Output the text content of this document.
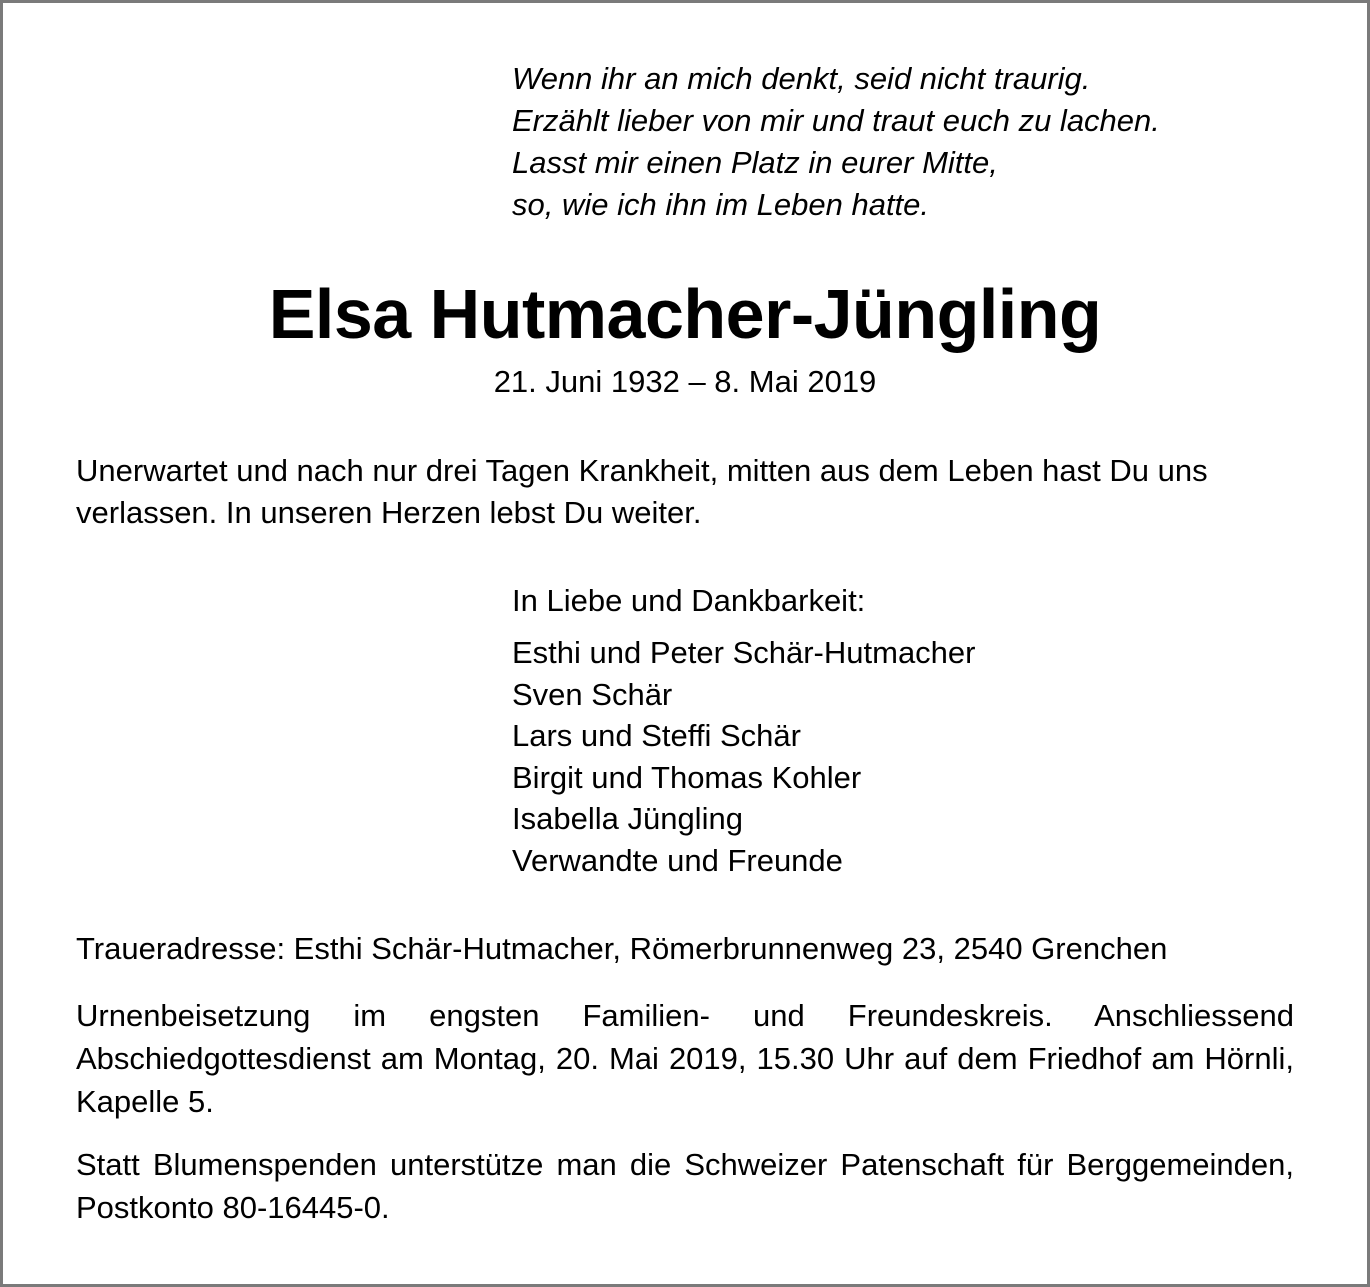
Wenn ihr an mich denkt, seid nicht traurig.
Erzählt lieber von mir und traut euch zu lachen.
Lasst mir einen Platz in eurer Mitte,
so, wie ich ihn im Leben hatte.
Elsa Hutmacher-Jüngling
21. Juni 1932 – 8. Mai 2019
Unerwartet und nach nur drei Tagen Krankheit, mitten aus dem Leben hast Du uns verlassen. In unseren Herzen lebst Du weiter.
In Liebe und Dankbarkeit:
Esthi und Peter Schär-Hutmacher
Sven Schär
Lars und Steffi Schär
Birgit und Thomas Kohler
Isabella Jüngling
Verwandte und Freunde
Traueradresse: Esthi Schär-Hutmacher, Römerbrunnenweg 23, 2540 Grenchen
Urnenbeisetzung im engsten Familien- und Freundeskreis. Anschliessend Abschiedgottesdienst am Montag, 20. Mai 2019, 15.30 Uhr auf dem Friedhof am Hörnli, Kapelle 5.
Statt Blumenspenden unterstütze man die Schweizer Patenschaft für Berggemeinden, Postkonto 80-16445-0.
